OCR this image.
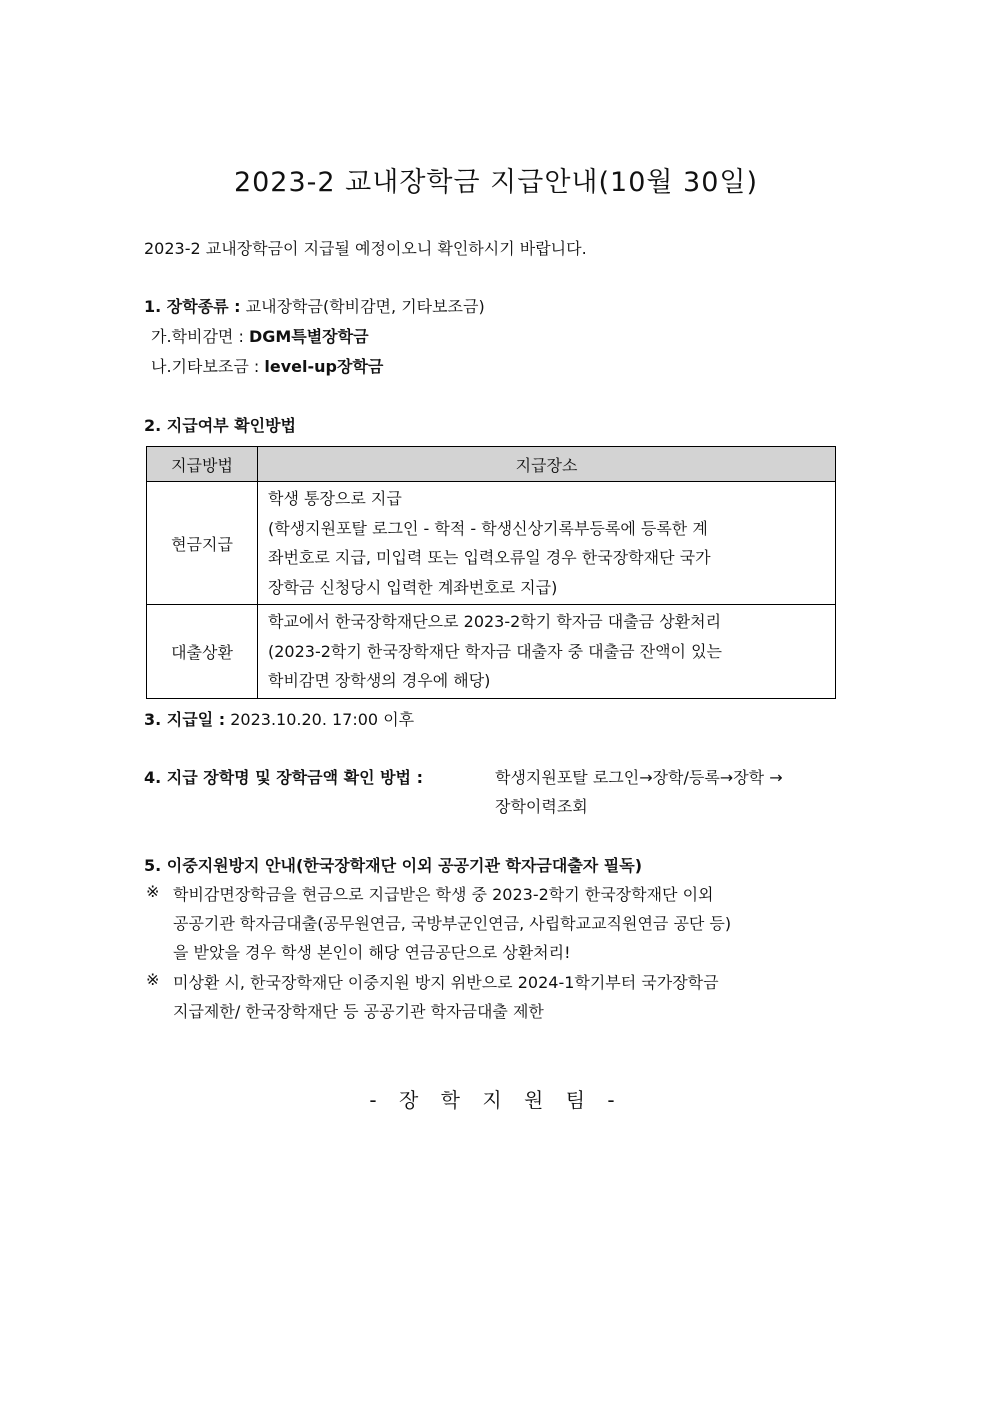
2023-2 교내장학금 지급안내(10월 30일)
2023-2 교내장학금이 지급될 예정이오니 확인하시기 바랍니다.
1. 장학종류 : 교내장학금(학비감면, 기타보조금)
가.학비감면 : DGM특별장학금
나.기타보조금 : level-up장학금
2. 지급여부 확인방법
지급방법	지급장소
현금지급	학생 통장으로 지급
(학생지원포탈 로그인 - 학적 - 학생신상기록부등록에 등록한 계
좌번호로 지급, 미입력 또는 입력오류일 경우 한국장학재단 국가
장학금 신청당시 입력한 계좌번호로 지급)

대출상환	학교에서 한국장학재단으로 2023-2학기 학자금 대출금 상환처리
(2023-2학기 한국장학재단 학자금 대출자 중 대출금 잔액이 있는
학비감면 장학생의 경우에 해당)
3. 지급일 : 2023.10.20. 17:00 이후
4. 지급 장학명 및 장학금액 확인 방법 :	학생지원포탈 로그인→장학/등록→장학 →
장학이력조회
5. 이중지원방지 안내(한국장학재단 이외 공공기관 학자금대출자 필독)
※ 학비감면장학금을 현금으로 지급받은 학생 중 2023-2학기 한국장학재단 이외
공공기관 학자금대출(공무원연금, 국방부군인연금, 사립학교교직원연금 공단 등)
을 받았을 경우 학생 본인이 해당 연금공단으로 상환처리!
※ 미상환 시, 한국장학재단 이중지원 방지 위반으로 2024-1학기부터 국가장학금
지급제한/ 한국장학재단 등 공공기관 학자금대출 제한
- 장 학 지 원 팀 -
